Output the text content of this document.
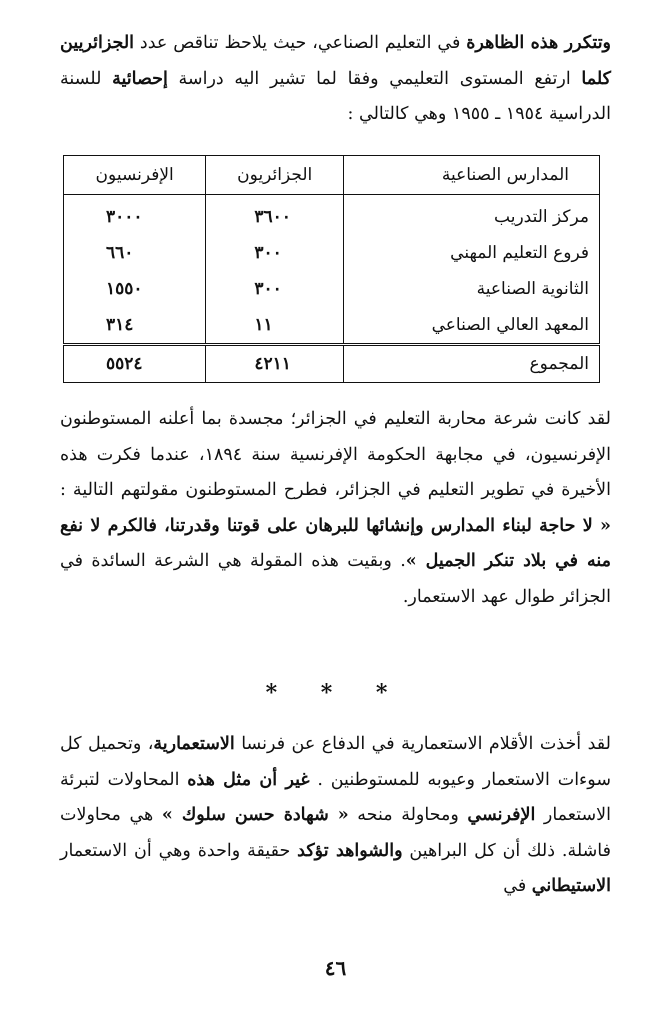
وتتكرر هذه الظاهرة في التعليم الصناعي، حيث يلاحظ تناقص عدد الجزائريين كلما ارتفع المستوى التعليمي وفقا لما تشير اليه دراسة إحصائية للسنة الدراسية ١٩٥٤ ـ ١٩٥٥ وهي كالتالي :

المدارس الصناعية	الجزائريون	الإفرنسيون
مركز التدريب	٣٦٠٠	٣٠٠٠
فروع التعليم المهني	٣٠٠	٦٦٠
الثانوية الصناعية	٣٠٠	١٥٥٠
المعهد العالي الصناعي	١١	٣١٤
المجموع	٤٢١١	٥٥٢٤

لقد كانت شرعة محاربة التعليم في الجزائر؛ مجسدة بما أعلنه المستوطنون الإفرنسيون، في مجابهة الحكومة الإفرنسية سنة ١٨٩٤، عندما فكرت هذه الأخيرة في تطوير التعليم في الجزائر، فطرح المستوطنون مقولتهم التالية : « لا حاجة لبناء المدارس وإنشائها للبرهان على قوتنا وقدرتنا، فالكرم لا نفع منه في بلاد تنكر الجميل ». وبقيت هذه المقولة هي الشرعة السائدة في الجزائر طوال عهد الاستعمار.

* * *

لقد أخذت الأقلام الاستعمارية في الدفاع عن فرنسا الاستعمارية، وتحميل كل سوءات الاستعمار وعيوبه للمستوطنين . غير أن مثل هذه المحاولات لتبرئة الاستعمار الإفرنسي ومحاولة منحه « شهادة حسن سلوك » هي محاولات فاشلة. ذلك أن كل البراهين والشواهد تؤكد حقيقة واحدة وهي أن الاستعمار الاستيطاني في

٤٦
